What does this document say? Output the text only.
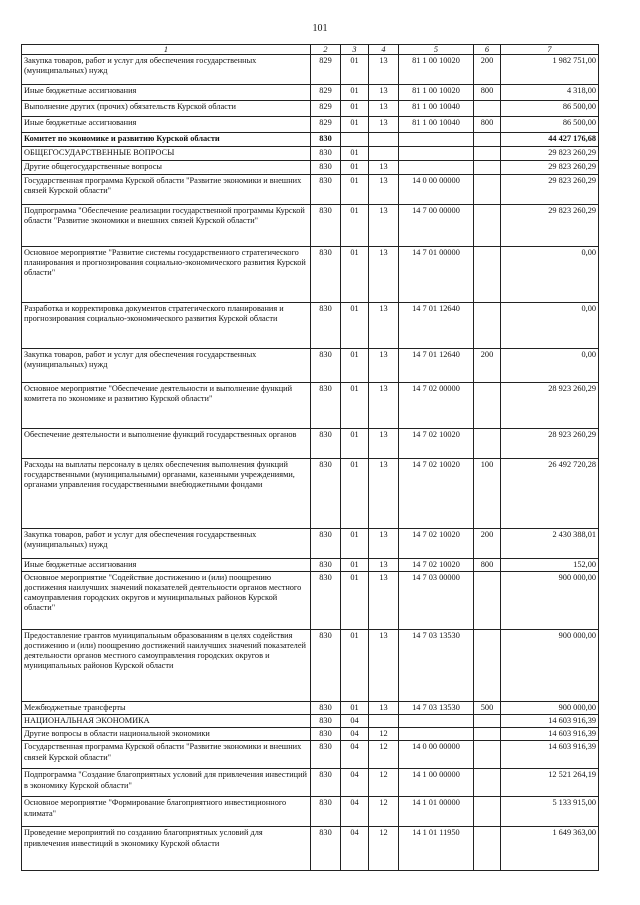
101
1	2	3	4	5	6	7
Закупка товаров, работ и услуг для обеспечения государственных (муниципальных) нужд	829	01	13	81 1 00 10020	200	1 982 751,00
Иные бюджетные ассигнования	829	01	13	81 1 00 10020	800	4 318,00
Выполнение других (прочих) обязательств Курской области	829	01	13	81 1 00 10040		86 500,00
Иные бюджетные ассигнования	829	01	13	81 1 00 10040	800	86 500,00
Комитет по экономике и развитию Курской области	830					44 427 176,68
ОБЩЕГОСУДАРСТВЕННЫЕ ВОПРОСЫ	830	01				29 823 260,29
Другие общегосударственные вопросы	830	01	13			29 823 260,29
Государственная программа Курской области "Развитие экономики и внешних связей Курской области"	830	01	13	14 0 00 00000		29 823 260,29
Подпрограмма "Обеспечение реализации государственной программы Курской области "Развитие экономики и внешних связей Курской области"	830	01	13	14 7 00 00000		29 823 260,29
Основное мероприятие "Развитие системы государственного стратегического планирования и прогнозирования социально-экономического развития Курской области"	830	01	13	14 7 01 00000		0,00
Разработка и корректировка документов стратегического планирования и прогнозирования социально-экономического развития Курской области	830	01	13	14 7 01 12640		0,00
Закупка товаров, работ и услуг для обеспечения государственных (муниципальных) нужд	830	01	13	14 7 01 12640	200	0,00
Основное мероприятие "Обеспечение деятельности и выполнение функций комитета по экономике и развитию Курской области"	830	01	13	14 7 02 00000		28 923 260,29
Обеспечение деятельности и выполнение функций государственных органов	830	01	13	14 7 02 10020		28 923 260,29
Расходы на выплаты персоналу в целях обеспечения выполнения функций государственными (муниципальными) органами, казенными учреждениями, органами управления государственными внебюджетными фондами	830	01	13	14 7 02 10020	100	26 492 720,28
Закупка товаров, работ и услуг для обеспечения государственных (муниципальных) нужд	830	01	13	14 7 02 10020	200	2 430 388,01
Иные бюджетные ассигнования	830	01	13	14 7 02 10020	800	152,00
Основное мероприятие "Содействие достижению и (или) поощрению достижения наилучших значений показателей деятельности органов местного самоуправления городских округов и муниципальных районов Курской области"	830	01	13	14 7 03 00000		900 000,00
Предоставление грантов муниципальным образованиям в целях содействия достижению и (или) поощрению достижений наилучших значений показателей деятельности органов местного самоуправления городских округов и муниципальных районов Курской области	830	01	13	14 7 03 13530		900 000,00
Межбюджетные трансферты	830	01	13	14 7 03 13530	500	900 000,00
НАЦИОНАЛЬНАЯ ЭКОНОМИКА	830	04				14 603 916,39
Другие вопросы в области национальной экономики	830	04	12			14 603 916,39
Государственная программа Курской области "Развитие экономики и внешних связей Курской области"	830	04	12	14 0 00 00000		14 603 916,39
Подпрограмма "Создание благоприятных условий для привлечения инвестиций в экономику Курской области"	830	04	12	14 1 00 00000		12 521 264,19
Основное мероприятие "Формирование благоприятного инвестиционного климата"	830	04	12	14 1 01 00000		5 133 915,00
Проведение мероприятий по созданию благоприятных условий для привлечения инвестиций в экономику Курской области	830	04	12	14 1 01 11950		1 649 363,00
